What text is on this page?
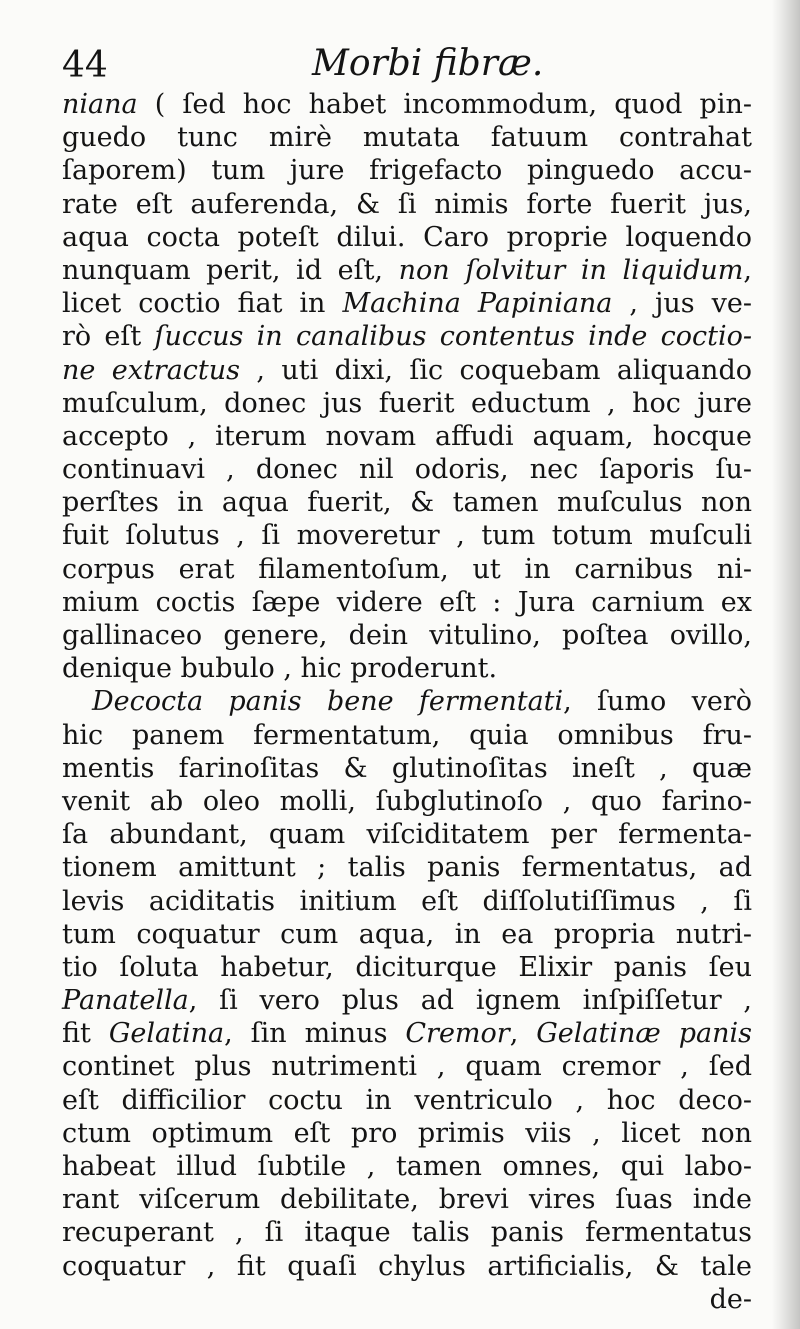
44	Morbi fibræ.
niana ( ſed hoc habet incommodum, quod pin-
guedo tunc mirè mutata fatuum contrahat
ſaporem) tum jure frigefacto pinguedo accu-
rate eſt auferenda, & ſi nimis forte fuerit jus,
aqua cocta poteſt dilui. Caro proprie loquendo
nunquam perit, id eſt, non ſolvitur in liquidum,
licet coctio fiat in Machina Papiniana , jus ve-
rò eſt ſuccus in canalibus contentus inde coctio-
ne extractus , uti dixi, ſic coquebam aliquando
muſculum, donec jus fuerit eductum , hoc jure
accepto , iterum novam affudi aquam, hocque
continuavi , donec nil odoris, nec ſaporis ſu-
perſtes in aqua fuerit, & tamen muſculus non
fuit ſolutus , ſi moveretur , tum totum muſculi
corpus erat filamentoſum, ut in carnibus ni-
mium coctis ſæpe videre eſt : Jura carnium ex
gallinaceo genere, dein vitulino, poſtea ovillo,
denique bubulo , hic proderunt.
Decocta panis bene fermentati, ſumo verò
hic panem fermentatum, quia omnibus fru-
mentis farinoſitas & glutinoſitas ineſt , quæ
venit ab oleo molli, ſubglutinoſo , quo farino-
ſa abundant, quam viſciditatem per fermenta-
tionem amittunt ; talis panis fermentatus, ad
levis aciditatis initium eſt diſſolutiſſimus , ſi
tum coquatur cum aqua, in ea propria nutri-
tio ſoluta habetur, diciturque Elixir panis ſeu
Panatella, ſi vero plus ad ignem inſpiſſetur ,
fit Gelatina, ſin minus Cremor, Gelatinæ panis
continet plus nutrimenti , quam cremor , ſed
eſt difficilior coctu in ventriculo , hoc deco-
ctum optimum eſt pro primis viis , licet non
habeat illud ſubtile , tamen omnes, qui labo-
rant viſcerum debilitate, brevi vires ſuas inde
recuperant , ſi itaque talis panis fermentatus
coquatur , fit quaſi chylus artificialis, & tale
de-
